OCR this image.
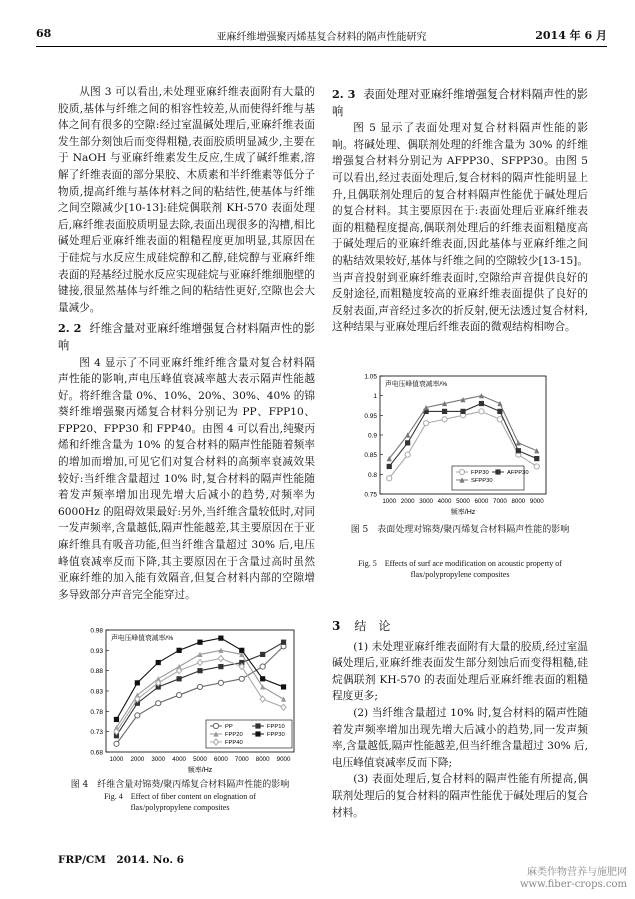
68	亚麻纤维增强聚丙烯基复合材料的隔声性能研究	2014 年 6 月

从图 3 可以看出,未处理亚麻纤维表面附有大量的胶质,基体与纤维之间的相容性较差,从而使得纤维与基体之间有很多的空隙:经过室温碱处理后,亚麻纤维表面发生部分刻蚀后而变得粗糙,表面胶质明显减少,主要在于 NaOH 与亚麻纤维素发生反应,生成了碱纤维素,溶解了纤维表面的部分果胶、木质素和半纤维素等低分子物质,提高纤维与基体材料之间的粘结性,使基体与纤维之间空隙减少[10-13]:硅烷偶联剂 KH-570 表面处理后,麻纤维表面胶质明显去除,表面出现很多的沟槽,相比碱处理后亚麻纤维表面的粗糙程度更加明显,其原因在于硅烷与水反应生成硅烷醇和乙醇,硅烷醇与亚麻纤维表面的羟基经过脱水反应实现硅烷与亚麻纤维细胞壁的键接,很显然基体与纤维之间的粘结性更好,空隙也会大量减少。

2. 2 纤维含量对亚麻纤维增强复合材料隔声性的影响

图 4 显示了不同亚麻纤维纤维含量对复合材料隔声性能的影响,声电压峰值衰减率越大表示隔声性能越好。将纤维含量 0%、10%、20%、30%、40% 的锦葵纤维增强聚丙烯复合材料分别记为 PP、FPP10、FPP20、FPP30 和 FPP40。由图 4 可以看出,纯聚丙烯和纤维含量为 10% 的复合材料的隔声性能随着频率的增加而增加,可见它们对复合材料的高频率衰减效果较好:当纤维含量超过 10% 时,复合材料的隔声性能随着发声频率增加出现先增大后减小的趋势,对频率为 6000Hz 的阻碍效果最好:另外,当纤维含量较低时,对同一发声频率,含量越低,隔声性能越差,其主要原因在于亚麻纤维具有吸音功能,但当纤维含量超过 30% 后,电压峰值衰减率反而下降,其主要原因在于含量过高时虽然亚麻纤维的加入能有效隔音,但复合材料内部的空隙增多导致部分声音完全能穿过。

0.68
0.73
0.78
0.83
0.88
0.93
0.98
1000 2000 3000 4000 5000 6000 7000 8000 9000
声电压峰值衰减率/%
频率/Hz
PP	FPP10
FPP20	FPP30
FPP40
图 4　纤维含量对锦葵/聚丙烯复合材料隔声性能的影响
Fig. 4　Effect of fiber content on elognation of
flax/polypropylene composites
2. 3 表面处理对亚麻纤维增强复合材料隔声性的影响

图 5 显示了表面处理对复合材料隔声性能的影响。将碱处理、偶联剂处理的纤维含量为 30% 的纤维增强复合材料分别记为 AFPP30、SFPP30。由图 5 可以看出,经过表面处理后,复合材料的隔声性能明显上升,且偶联剂处理后的复合材料隔声性能优于碱处理后的复合材料。其主要原因在于:表面处理后亚麻纤维表面的粗糙程度提高,偶联剂处理后的纤维表面粗糙度高于碱处理后的亚麻纤维表面,因此基体与亚麻纤维之间的粘结效果较好,基体与纤维之间的空隙较少[13-15]。当声音投射到亚麻纤维表面时,空隙给声音提供良好的反射途径,而粗糙度较高的亚麻纤维表面提供了良好的反射表面,声音经过多次的折反射,便无法透过复合材料,这种结果与亚麻处理后纤维表面的微观结构相吻合。

0.75
0.8
0.85
0.9
0.95
1
1.05
1000 2000 3000 4000 5000 6000 7000 8000 9000
声电压峰值衰减率/%
频率/Hz
FPP30	AFPP30
SFPP30
图 5　表面处理对锦葵/聚丙烯复合材料隔声性能的影响
Fig. 5　Effects of surf ace modification on acoustic property of
flax/polypropylene composites
3 结　论

(1) 未处理亚麻纤维表面附有大量的胶质,经过室温碱处理后,亚麻纤维表面发生部分刻蚀后而变得粗糙,硅烷偶联剂 KH-570 的表面处理后亚麻纤维表面的粗糙程度更多;

(2) 当纤维含量超过 10% 时,复合材料的隔声性随着发声频率增加出现先增大后减小的趋势,同一发声频率,含量越低,隔声性能越差,但当纤维含量超过 30% 后,电压峰值衰减率反而下降;

(3) 表面处理后,复合材料的隔声性能有所提高,偶联剂处理后的复合材料的隔声性能优于碱处理后的复合材料。

FRP/CM　2014. No. 6
麻类作物营养与施肥网
www.fiber-crops.com
